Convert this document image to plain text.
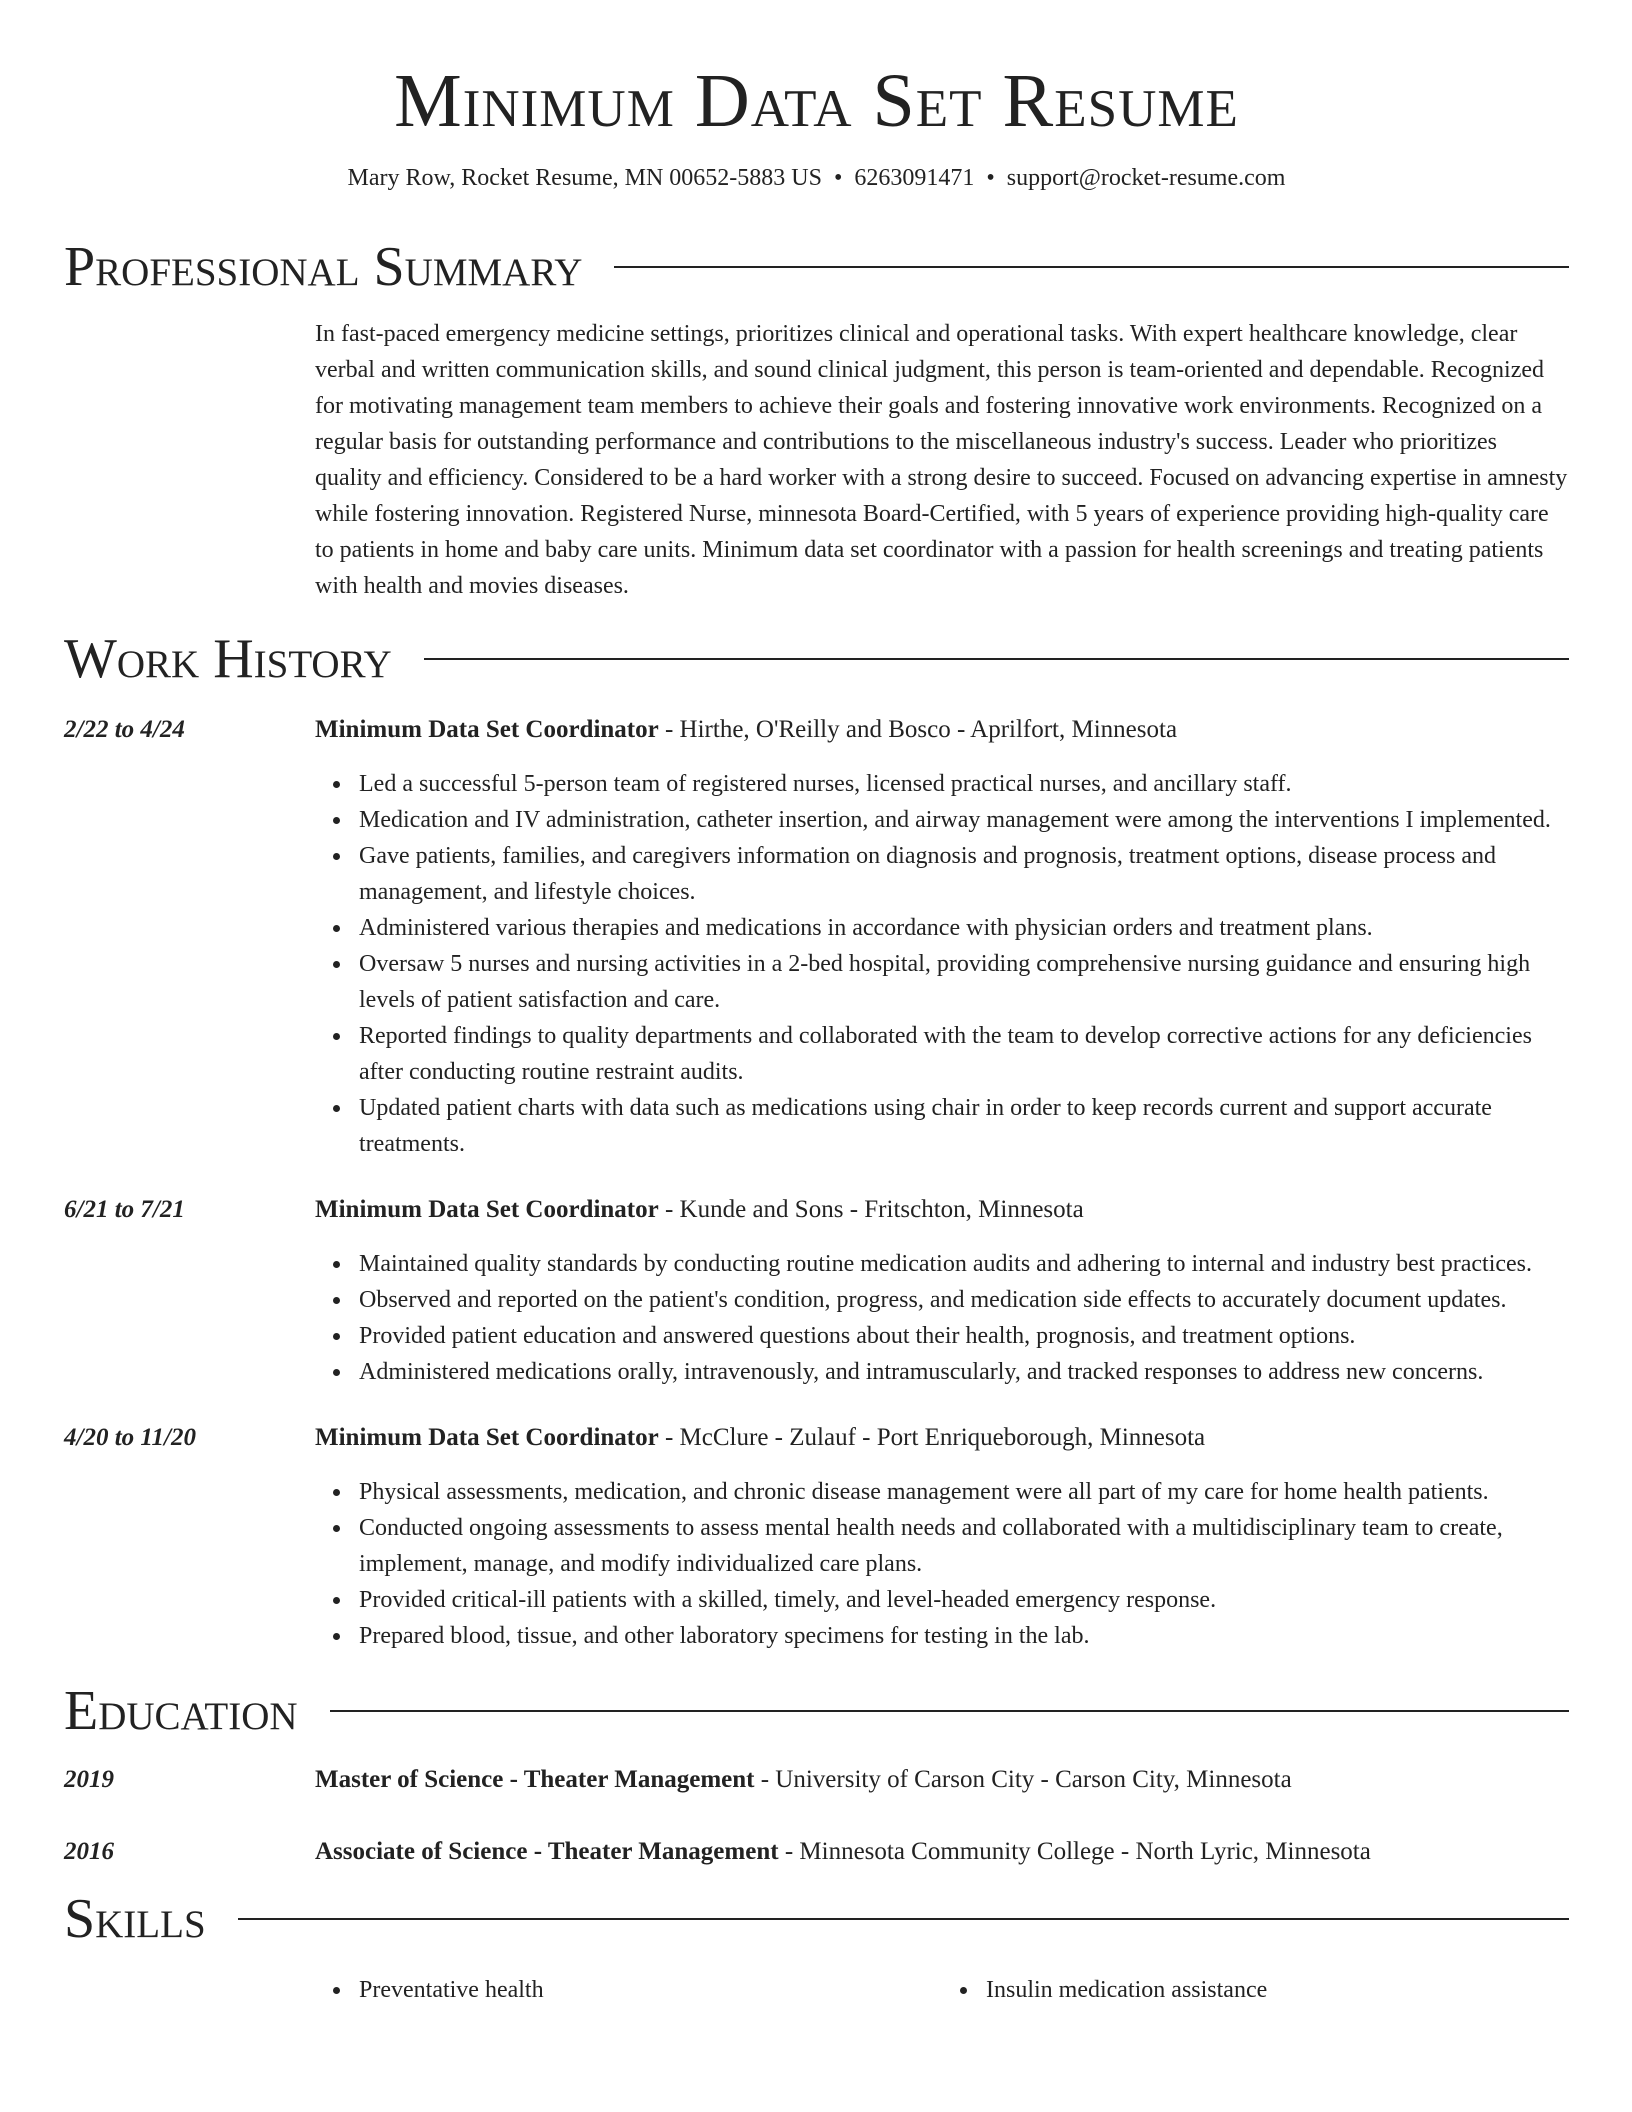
Minimum Data Set Resume
Mary Row, Rocket Resume, MN 00652-5883 US • 6263091471 • support@rocket-resume.com
Professional Summary
In fast-paced emergency medicine settings, prioritizes clinical and operational tasks. With expert healthcare knowledge, clear verbal and written communication skills, and sound clinical judgment, this person is team-oriented and dependable. Recognized for motivating management team members to achieve their goals and fostering innovative work environments. Recognized on a regular basis for outstanding performance and contributions to the miscellaneous industry's success. Leader who prioritizes quality and efficiency. Considered to be a hard worker with a strong desire to succeed. Focused on advancing expertise in amnesty while fostering innovation. Registered Nurse, minnesota Board-Certified, with 5 years of experience providing high-quality care to patients in home and baby care units. Minimum data set coordinator with a passion for health screenings and treating patients with health and movies diseases.
Work History
2/22 to 4/24	Minimum Data Set Coordinator - Hirthe, O'Reilly and Bosco - Aprilfort, Minnesota
Led a successful 5-person team of registered nurses, licensed practical nurses, and ancillary staff.
Medication and IV administration, catheter insertion, and airway management were among the interventions I implemented.
Gave patients, families, and caregivers information on diagnosis and prognosis, treatment options, disease process and management, and lifestyle choices.
Administered various therapies and medications in accordance with physician orders and treatment plans.
Oversaw 5 nurses and nursing activities in a 2-bed hospital, providing comprehensive nursing guidance and ensuring high levels of patient satisfaction and care.
Reported findings to quality departments and collaborated with the team to develop corrective actions for any deficiencies after conducting routine restraint audits.
Updated patient charts with data such as medications using chair in order to keep records current and support accurate treatments.
6/21 to 7/21	Minimum Data Set Coordinator - Kunde and Sons - Fritschton, Minnesota
Maintained quality standards by conducting routine medication audits and adhering to internal and industry best practices.
Observed and reported on the patient's condition, progress, and medication side effects to accurately document updates.
Provided patient education and answered questions about their health, prognosis, and treatment options.
Administered medications orally, intravenously, and intramuscularly, and tracked responses to address new concerns.
4/20 to 11/20	Minimum Data Set Coordinator - McClure - Zulauf - Port Enriqueborough, Minnesota
Physical assessments, medication, and chronic disease management were all part of my care for home health patients.
Conducted ongoing assessments to assess mental health needs and collaborated with a multidisciplinary team to create, implement, manage, and modify individualized care plans.
Provided critical-ill patients with a skilled, timely, and level-headed emergency response.
Prepared blood, tissue, and other laboratory specimens for testing in the lab.
Education
2019	Master of Science - Theater Management - University of Carson City - Carson City, Minnesota
2016	Associate of Science - Theater Management - Minnesota Community College - North Lyric, Minnesota
Skills
Preventative health	Insulin medication assistance
